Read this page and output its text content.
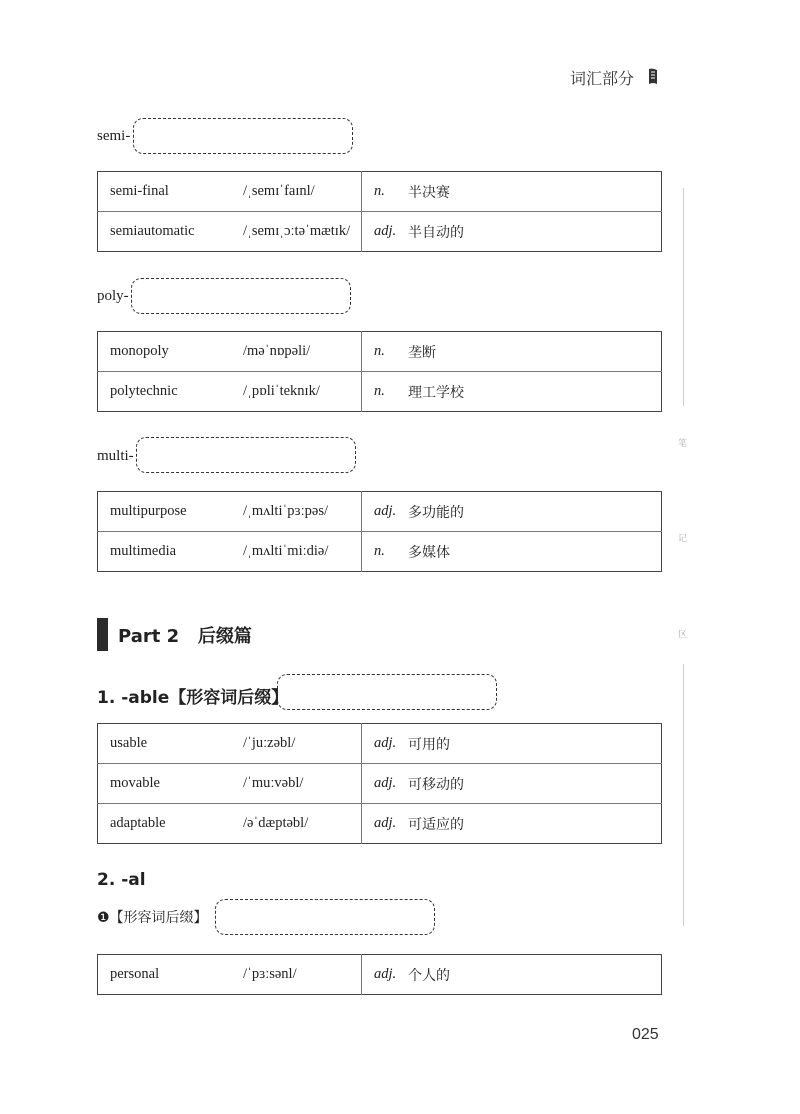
词汇部分
笔
记
区
semi-
semi-final	/ˌsemɪˈfaɪnl/	n.	半决赛
semiautomatic	/ˌsemɪˌɔːtəˈmætɪk/	adj.	半自动的
poly-
monopoly	/məˈnɒpəli/	n.	垄断
polytechnic	/ˌpɒliˈteknɪk/	n.	理工学校
multi-
multipurpose	/ˌmʌltiˈpɜːpəs/	adj.	多功能的
multimedia	/ˌmʌltiˈmiːdiə/	n.	多媒体
Part 2   后缀篇
1. -able【形容词后缀】
usable	/ˈjuːzəbl/	adj.	可用的
movable	/ˈmuːvəbl/	adj.	可移动的
adaptable	/əˈdæptəbl/	adj.	可适应的
2. -al
❶【形容词后缀】
personal	/ˈpɜːsənl/	adj.	个人的
025
